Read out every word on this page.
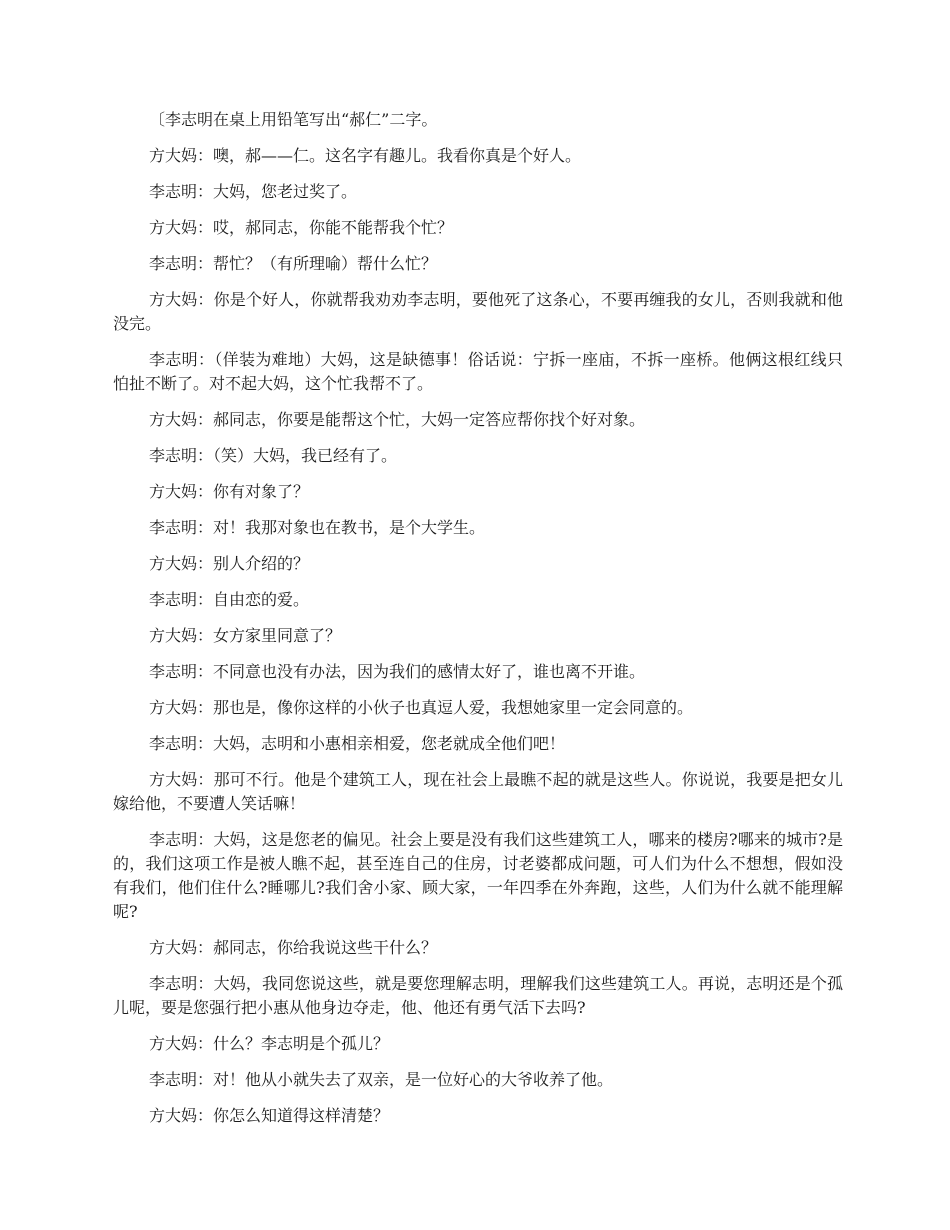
〔李志明在桌上用铅笔写出“郝仁”二字。

方大妈：噢，郝——仁。这名字有趣儿。我看你真是个好人。

李志明：大妈，您老过奖了。

方大妈：哎，郝同志，你能不能帮我个忙？

李志明：帮忙？（有所理喻）帮什么忙？

方大妈：你是个好人，你就帮我劝劝李志明，要他死了这条心，不要再缠我的女儿，否则我就和他没完。

李志明：（佯装为难地）大妈，这是缺德事！俗话说：宁拆一座庙，不拆一座桥。他俩这根红线只怕扯不断了。对不起大妈，这个忙我帮不了。

方大妈：郝同志，你要是能帮这个忙，大妈一定答应帮你找个好对象。

李志明：（笑）大妈，我已经有了。

方大妈：你有对象了？

李志明：对！我那对象也在教书，是个大学生。

方大妈：别人介绍的？

李志明：自由恋的爱。

方大妈：女方家里同意了？

李志明：不同意也没有办法，因为我们的感情太好了，谁也离不开谁。

方大妈：那也是，像你这样的小伙子也真逗人爱，我想她家里一定会同意的。

李志明：大妈，志明和小惠相亲相爱，您老就成全他们吧！

方大妈：那可不行。他是个建筑工人，现在社会上最瞧不起的就是这些人。你说说，我要是把女儿嫁给他，不要遭人笑话嘛！

李志明：大妈，这是您老的偏见。社会上要是没有我们这些建筑工人，哪来的楼房?哪来的城市?是的，我们这项工作是被人瞧不起，甚至连自己的住房，讨老婆都成问题，可人们为什么不想想，假如没有我们，他们住什么?睡哪儿?我们舍小家、顾大家，一年四季在外奔跑，这些，人们为什么就不能理解呢?

方大妈：郝同志，你给我说这些干什么？

李志明：大妈，我同您说这些，就是要您理解志明，理解我们这些建筑工人。再说，志明还是个孤儿呢，要是您强行把小惠从他身边夺走，他、他还有勇气活下去吗?

方大妈：什么？李志明是个孤儿？

李志明：对！他从小就失去了双亲，是一位好心的大爷收养了他。

方大妈：你怎么知道得这样清楚？
